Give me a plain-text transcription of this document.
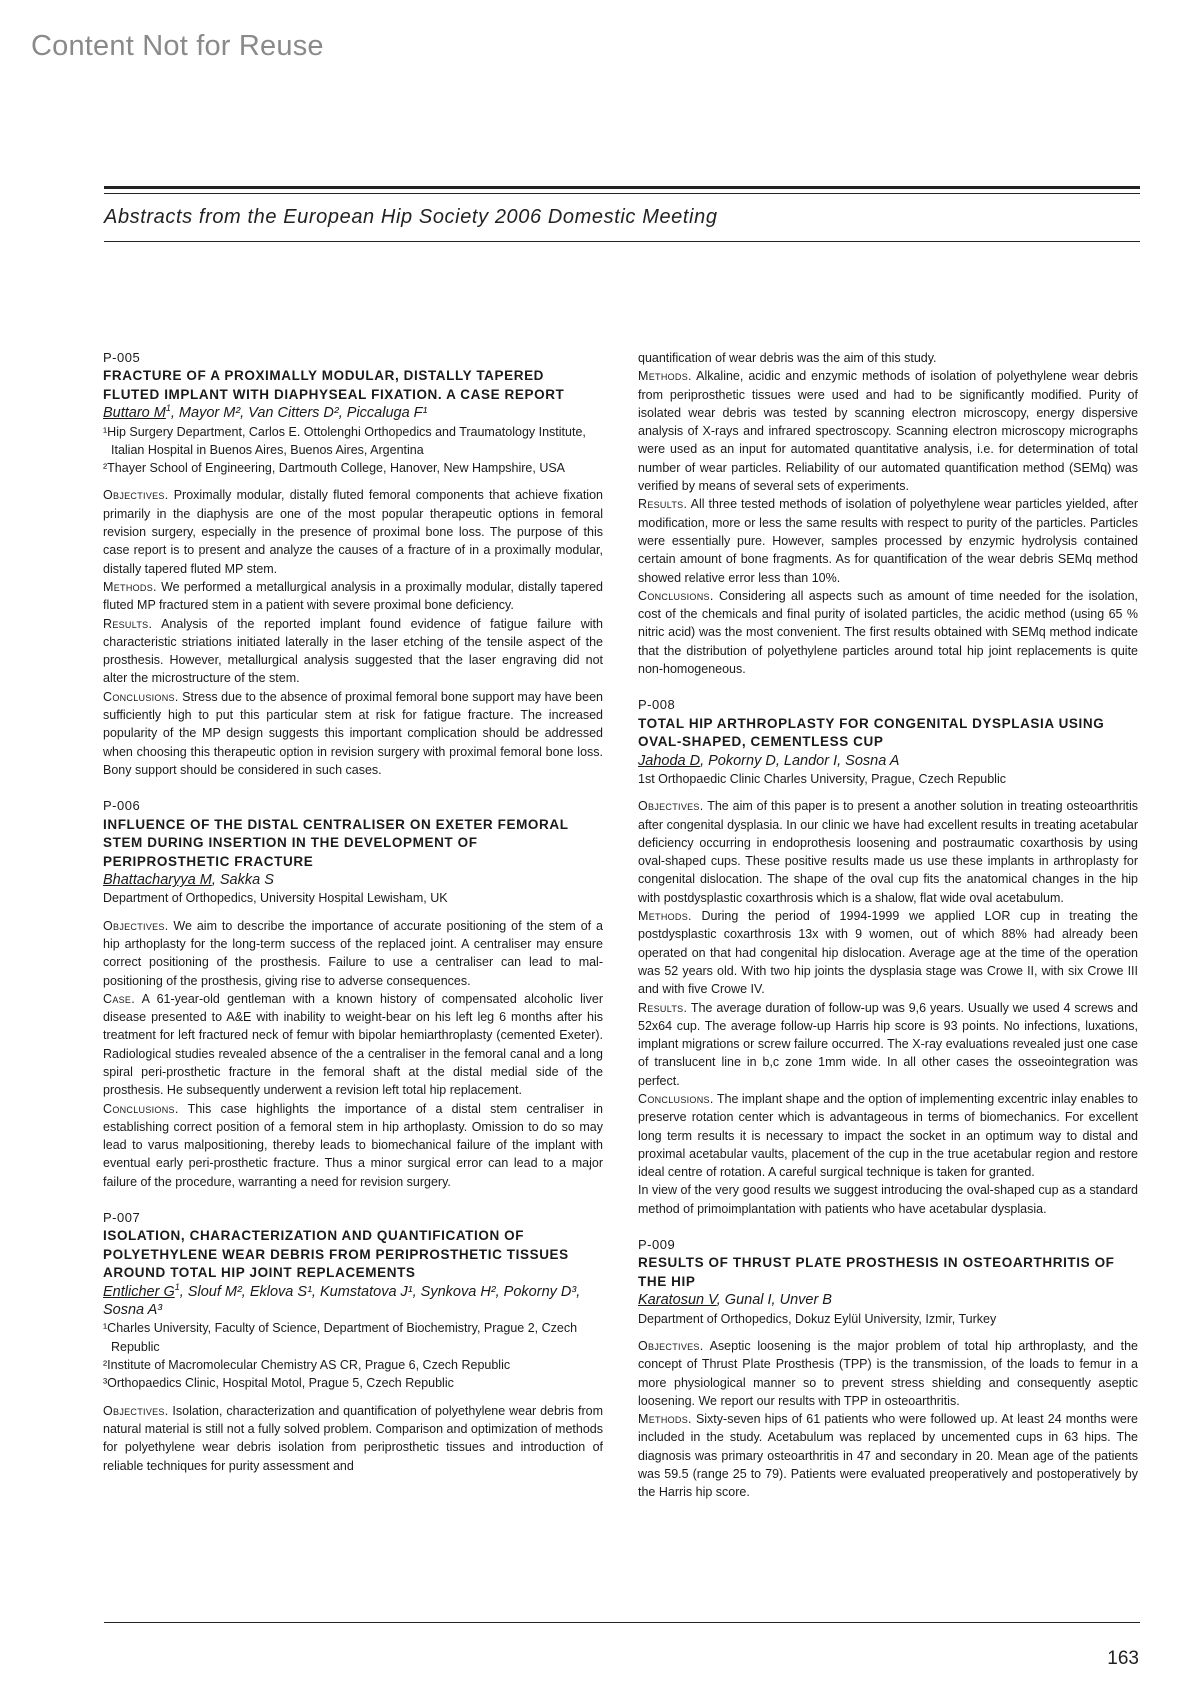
Content Not for Reuse
Abstracts from the European Hip Society 2006 Domestic Meeting

P-005

FRACTURE OF A PROXIMALLY MODULAR, DISTALLY TAPERED FLUTED IMPLANT WITH DIAPHYSEAL FIXATION. A CASE REPORT

Buttaro $M^1$, Mayor M², Van Citters D², Piccaluga F¹

¹Hip Surgery Department, Carlos E. Ottolenghi Orthopedics and Traumatology Institute, Italian Hospital in Buenos Aires, Buenos Aires, Argentina

²Thayer School of Engineering, Dartmouth College, Hanover, New Hampshire, USA

Objectives. Proximally modular, distally fluted femoral components that achieve fixation primarily in the diaphysis are one of the most popular therapeutic options in femoral revision surgery, especially in the presence of proximal bone loss. The purpose of this case report is to present and analyze the causes of a fracture of in a proximally modular, distally tapered fluted MP stem.

Methods. We performed a metallurgical analysis in a proximally modular, distally tapered fluted MP fractured stem in a patient with severe proximal bone deficiency.

Results. Analysis of the reported implant found evidence of fatigue failure with characteristic striations initiated laterally in the laser etching of the tensile aspect of the prosthesis. However, metallurgical analysis suggested that the laser engraving did not alter the microstructure of the stem.

Conclusions. Stress due to the absence of proximal femoral bone support may have been sufficiently high to put this particular stem at risk for fatigue fracture. The increased popularity of the MP design suggests this important complication should be addressed when choosing this therapeutic option in revision surgery with proximal femoral bone loss. Bony support should be considered in such cases.

P-006

INFLUENCE OF THE DISTAL CENTRALISER ON EXETER FEMORAL STEM DURING INSERTION IN THE DEVELOPMENT OF PERIPROSTHETIC FRACTURE

Bhattacharyya M, Sakka S

Department of Orthopedics, University Hospital Lewisham, UK

Objectives. We aim to describe the importance of accurate positioning of the stem of a hip arthoplasty for the long-term success of the replaced joint. A centraliser may ensure correct positioning of the prosthesis. Failure to use a centraliser can lead to mal-positioning of the prosthesis, giving rise to adverse consequences.

Case. A 61-year-old gentleman with a known history of compensated alcoholic liver disease presented to A&E with inability to weight-bear on his left leg 6 months after his treatment for left fractured neck of femur with bipolar hemiarthroplasty (cemented Exeter). Radiological studies revealed absence of the a centraliser in the femoral canal and a long spiral peri-prosthetic fracture in the femoral shaft at the distal medial side of the prosthesis. He subsequently underwent a revision left total hip replacement.

Conclusions. This case highlights the importance of a distal stem centraliser in establishing correct position of a femoral stem in hip arthoplasty. Omission to do so may lead to varus malpositioning, thereby leads to biomechanical failure of the implant with eventual early peri-prosthetic fracture. Thus a minor surgical error can lead to a major failure of the procedure, warranting a need for revision surgery.

P-007

ISOLATION, CHARACTERIZATION AND QUANTIFICATION OF POLYETHYLENE WEAR DEBRIS FROM PERIPROSTHETIC TISSUES AROUND TOTAL HIP JOINT REPLACEMENTS

Entlicher $G^1$, Slouf M², Eklova S¹, Kumstatova J¹, Synkova H², Pokorny D³, Sosna A³

¹Charles University, Faculty of Science, Department of Biochemistry, Prague 2, Czech Republic

²Institute of Macromolecular Chemistry AS CR, Prague 6, Czech Republic

³Orthopaedics Clinic, Hospital Motol, Prague 5, Czech Republic

Objectives. Isolation, characterization and quantification of polyethylene wear debris from natural material is still not a fully solved problem. Comparison and optimization of methods for polyethylene wear debris isolation from periprosthetic tissues and introduction of reliable techniques for purity assessment and

quantification of wear debris was the aim of this study.

Methods. Alkaline, acidic and enzymic methods of isolation of polyethylene wear debris from periprosthetic tissues were used and had to be significantly modified. Purity of isolated wear debris was tested by scanning electron microscopy, energy dispersive analysis of X-rays and infrared spectroscopy. Scanning electron microscopy micrographs were used as an input for automated quantitative analysis, i.e. for determination of total number of wear particles. Reliability of our automated quantification method (SEMq) was verified by means of several sets of experiments.

Results. All three tested methods of isolation of polyethylene wear particles yielded, after modification, more or less the same results with respect to purity of the particles. Particles were essentially pure. However, samples processed by enzymic hydrolysis contained certain amount of bone fragments. As for quantification of the wear debris SEMq method showed relative error less than 10%.

Conclusions. Considering all aspects such as amount of time needed for the isolation, cost of the chemicals and final purity of isolated particles, the acidic method (using 65 % nitric acid) was the most convenient. The first results obtained with SEMq method indicate that the distribution of polyethylene particles around total hip joint replacements is quite non-homogeneous.

P-008

TOTAL HIP ARTHROPLASTY FOR CONGENITAL DYSPLASIA USING OVAL-SHAPED, CEMENTLESS CUP

Jahoda D, Pokorny D, Landor I, Sosna A

1st Orthopaedic Clinic Charles University, Prague, Czech Republic

Objectives. The aim of this paper is to present a another solution in treating osteoarthritis after congenital dysplasia. In our clinic we have had excellent results in treating acetabular deficiency occurring in endoprothesis loosening and postraumatic coxarthosis by using oval-shaped cups. These positive results made us use these implants in arthroplasty for congenital dislocation. The shape of the oval cup fits the anatomical changes in the hip with postdysplastic coxarthrosis which is a shalow, flat wide oval acetabulum.

Methods. During the period of 1994-1999 we applied LOR cup in treating the postdysplastic coxarthrosis 13x with 9 women, out of which 88% had already been operated on that had congenital hip dislocation. Average age at the time of the operation was 52 years old. With two hip joints the dysplasia stage was Crowe II, with six Crowe III and with five Crowe IV.

Results. The average duration of follow-up was 9,6 years. Usually we used 4 screws and 52x64 cup. The average follow-up Harris hip score is 93 points. No infections, luxations, implant migrations or screw failure occurred. The X-ray evaluations revealed just one case of translucent line in b,c zone 1mm wide. In all other cases the osseointegration was perfect.

Conclusions. The implant shape and the option of implementing excentric inlay enables to preserve rotation center which is advantageous in terms of biomechanics. For excellent long term results it is necessary to impact the socket in an optimum way to distal and proximal acetabular vaults, placement of the cup in the true acetabular region and restore ideal centre of rotation. A careful surgical technique is taken for granted.

In view of the very good results we suggest introducing the oval-shaped cup as a standard method of primoimplantation with patients who have acetabular dysplasia.

P-009

RESULTS OF THRUST PLATE PROSTHESIS IN OSTEOARTHRITIS OF THE HIP

Karatosun V, Gunal I, Unver B

Department of Orthopedics, Dokuz Eylül University, Izmir, Turkey

Objectives. Aseptic loosening is the major problem of total hip arthroplasty, and the concept of Thrust Plate Prosthesis (TPP) is the transmission, of the loads to femur in a more physiological manner so to prevent stress shielding and consequently aseptic loosening. We report our results with TPP in osteoarthritis.

Methods. Sixty-seven hips of 61 patients who were followed up. At least 24 months were included in the study. Acetabulum was replaced by uncemented cups in 63 hips. The diagnosis was primary osteoarthritis in 47 and secondary in 20. Mean age of the patients was 59.5 (range 25 to 79). Patients were evaluated preoperatively and postoperatively by the Harris hip score.

163
